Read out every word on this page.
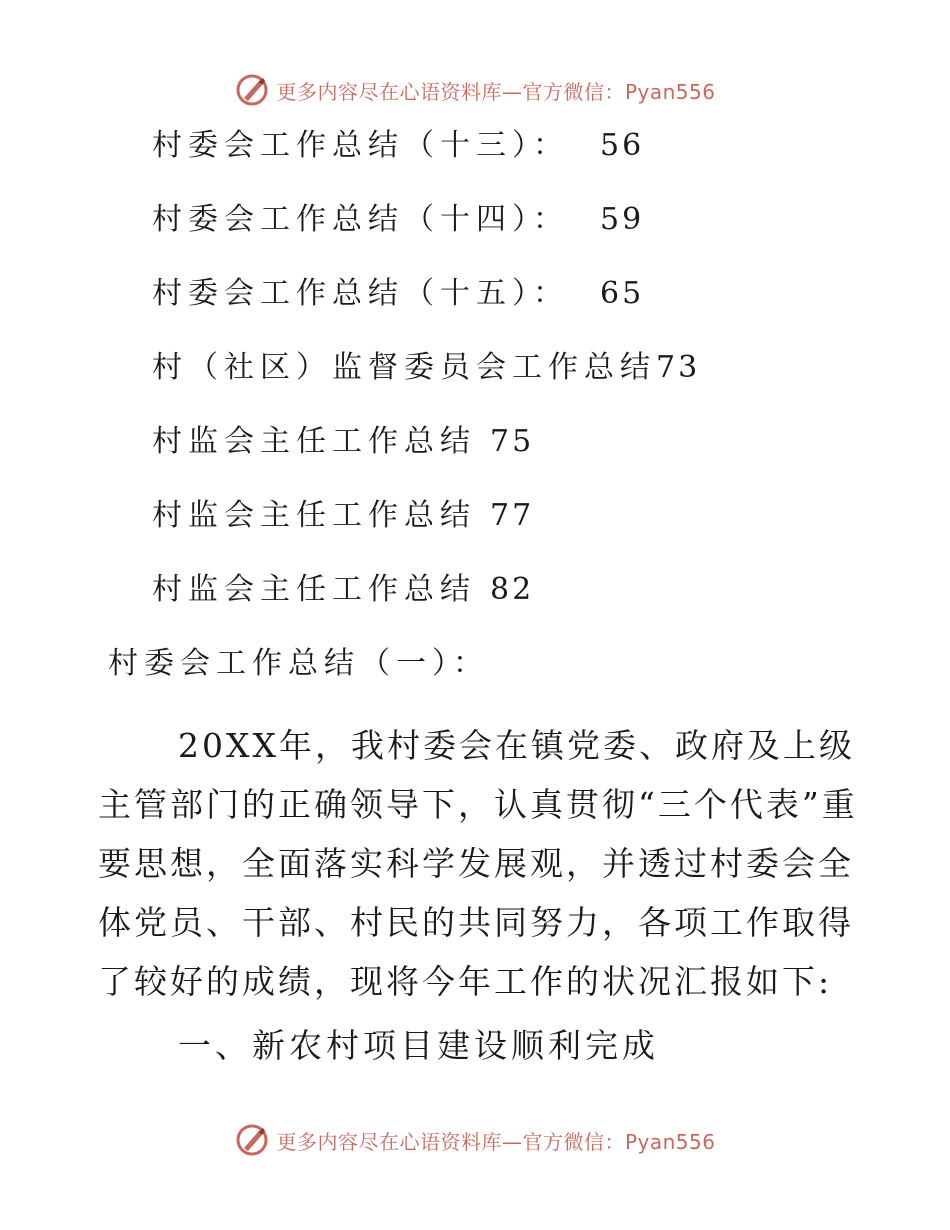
更多内容尽在心语资料库—官方微信：Pyan556
村委会工作总结（十三）： 56
村委会工作总结（十四）： 59
村委会工作总结（十五）： 65
村（社区）监督委员会工作总结 73
村监会主任工作总结 75
村监会主任工作总结 77
村监会主任工作总结 82
村委会工作总结（一）：
20XX年，我村委会在镇党委、政府及上级主管部门的正确领导下，认真贯彻“三个代表”重要思想，全面落实科学发展观，并透过村委会全体党员、干部、村民的共同努力，各项工作取得了较好的成绩，现将今年工作的状况汇报如下:
一、新农村项目建设顺利完成
更多内容尽在心语资料库—官方微信：Pyan556
